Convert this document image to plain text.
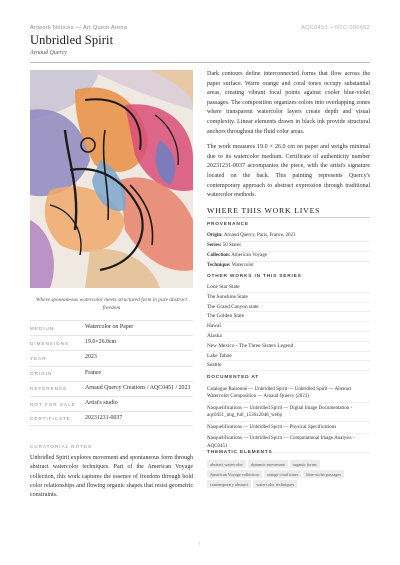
Artwork Notices — Art Quest Arena	AQC0451 – NTC-000662
Unbridled Spirit
Arnaud Quercy
Where spontaneous watercolor meets structured form in pure abstract freedom
MEDIUM	Watercolor on Paper
DIMENSIONS	19.0×26.0cm
YEAR	2023
ORIGIN	France
REFERENCE	Arnaud Quercy Creations / AQC0451 / 2023
NOT FOR SALE	Artist's studio
CERTIFICATE	20231231-0037
CURATORIAL NOTES
Unbridled Spirit explores movement and spontaneous form through abstract watercolor techniques. Part of the American Voyage collection, this work captures the essence of freedom through bold color relationships and flowing organic shapes that resist geometric constraints.

Dark contours define interconnected forms that flow across the paper surface. Warm orange and coral tones occupy substantial areas, creating vibrant focal points against cooler blue-violet passages. The composition organizes colors into overlapping zones where transparent watercolor layers create depth and visual complexity. Linear elements drawn in black ink provide structural anchors throughout the fluid color areas.

The work measures 19.0 × 26.0 cm on paper and weighs minimal due to its watercolor medium. Certificate of authenticity number 20231231-0037 accompanies the piece, with the artist's signature located on the back. This painting represents Quercy's contemporary approach to abstract expression through traditional watercolor methods.

WHERE THIS WORK LIVES
PROVENANCE
Origin: Arnaud Quercy, Paris, France, 2023
Series: 50 States
Collection: American Voyage
Technique: Watercolor
OTHER WORKS IN THIS SERIES
Lone Star State
The Sunshine State
The Grand Canyon state
The Golden State
Hawaï
Alaska
New Mexico - The Three Sisters Legend
Lake Tahoe
Seattle
DOCUMENTED AT
Catalogue Raisonné — Unbridled Spirit — Unbridled Spirit — Abstract Watercolor Composition — Arnaud Quercy (2023)
Nasquelifications — Unbridled Spirit — Digital Image Documentation - aqc0451_img_full_1536x2048_webp
Nasquelifications — Unbridled Spirit — Physical Specifications
Nasquelifications — Unbridled Spirit — Computational Image Analysis - AQC0451
THEMATIC ELEMENTS
abstract watercolor	dynamic movement	organic forms
American Voyage collection	orange coral tones	blue-violet passages
contemporary abstract	watercolor techniques
|
